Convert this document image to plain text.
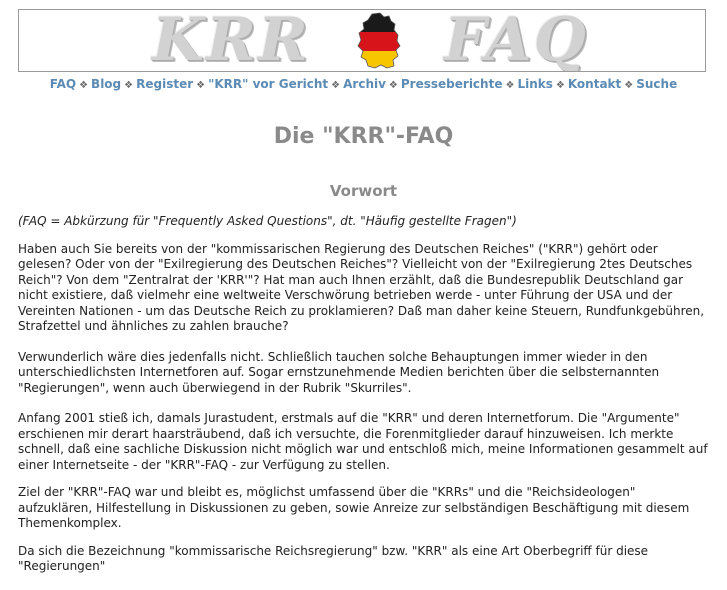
KRR FAQ
FAQ ❖ Blog ❖ Register ❖ "KRR" vor Gericht ❖ Archiv ❖ Presseberichte ❖ Links ❖ Kontakt ❖ Suche
Die "KRR"-FAQ
Vorwort

(FAQ = Abkürzung für "Frequently Asked Questions", dt. "Häufig gestellte Fragen")

Haben auch Sie bereits von der "kommissarischen Regierung des Deutschen Reiches" ("KRR") gehört oder gelesen? Oder von der "Exilregierung des Deutschen Reiches"? Vielleicht von der "Exilregierung 2tes Deutsches Reich"? Von dem "Zentralrat der 'KRR'"? Hat man auch Ihnen erzählt, daß die Bundesrepublik Deutschland gar nicht existiere, daß vielmehr eine weltweite Verschwörung betrieben werde - unter Führung der USA und der Vereinten Nationen - um das Deutsche Reich zu proklamieren? Daß man daher keine Steuern, Rundfunkgebühren, Strafzettel und ähnliches zu zahlen brauche?

Verwunderlich wäre dies jedenfalls nicht. Schließlich tauchen solche Behauptungen immer wieder in den unterschiedlichsten Internetforen auf. Sogar ernstzunehmende Medien berichten über die selbsternannten "Regierungen", wenn auch überwiegend in der Rubrik "Skurriles".

Anfang 2001 stieß ich, damals Jurastudent, erstmals auf die "KRR" und deren Internetforum. Die "Argumente" erschienen mir derart haarsträubend, daß ich versuchte, die Forenmitglieder darauf hinzuweisen. Ich merkte schnell, daß eine sachliche Diskussion nicht möglich war und entschloß mich, meine Informationen gesammelt auf einer Internetseite - der "KRR"-FAQ - zur Verfügung zu stellen.

Ziel der "KRR"-FAQ war und bleibt es, möglichst umfassend über die "KRRs" und die "Reichsideologen" aufzuklären, Hilfestellung in Diskussionen zu geben, sowie Anreize zur selbständigen Beschäftigung mit diesem Themenkomplex.

Da sich die Bezeichnung "kommissarische Reichsregierung" bzw. "KRR" als eine Art Oberbegriff für diese "Regierungen"
